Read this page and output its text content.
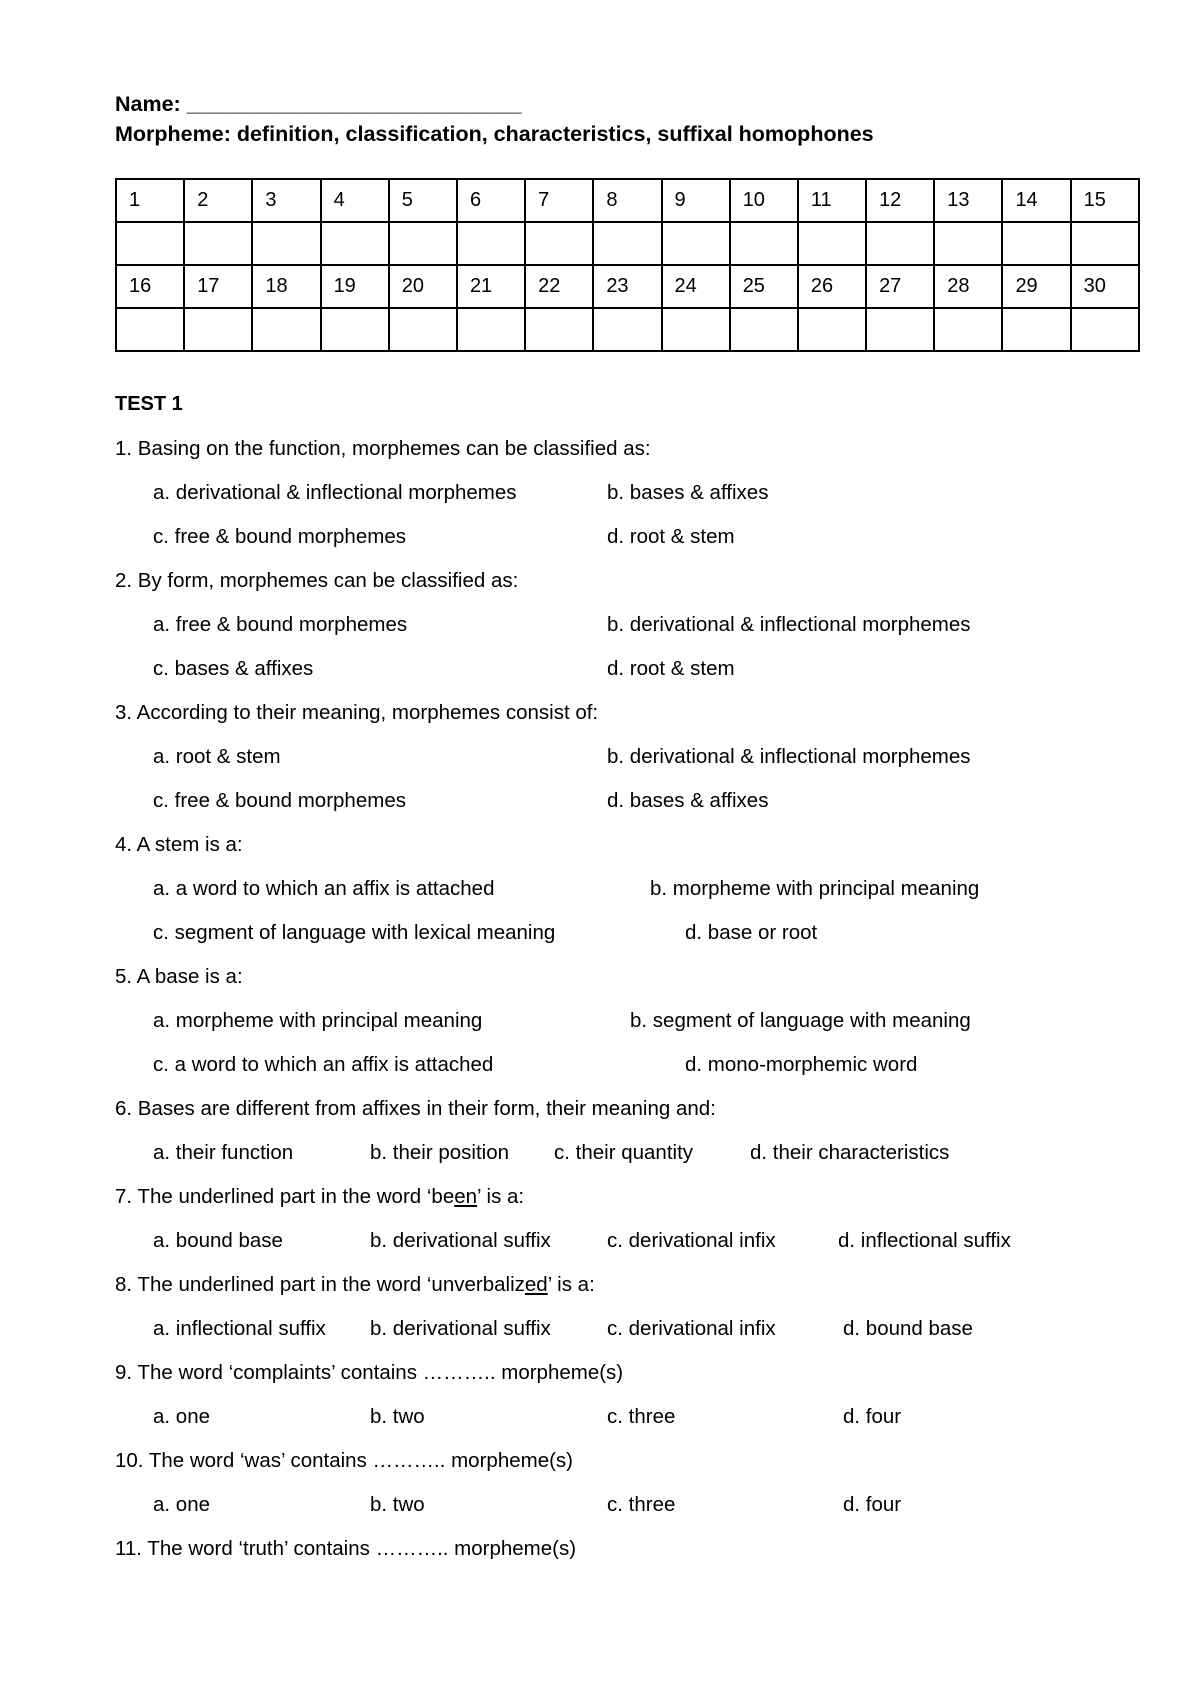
Name: ____________________________
Morpheme: definition, classification, characteristics, suffixal homophones
1	2	3	4	5	6	7	8	9	10	11	12	13	14	15

16	17	18	19	20	21	22	23	24	25	26	27	28	29	30

TEST 1
1. Basing on the function, morphemes can be classified as:
a. derivational & inflectional morphemes	b. bases & affixes
c. free & bound morphemes	d. root & stem
2. By form, morphemes can be classified as:
a. free & bound morphemes	b. derivational & inflectional morphemes
c. bases & affixes	d. root & stem
3. According to their meaning, morphemes consist of:
a. root & stem	b. derivational & inflectional morphemes
c. free & bound morphemes	d. bases & affixes
4. A stem is a:
a. a word to which an affix is attached	b. morpheme with principal meaning
c. segment of language with lexical meaning	d. base or root
5. A base is a:
a. morpheme with principal meaning	b. segment of language with meaning
c. a word to which an affix is attached	d. mono-morphemic word
6. Bases are different from affixes in their form, their meaning and:
a. their function	b. their position c. their quantity	d. their characteristics
7. The underlined part in the word ‘been’ is a:
a. bound base	b. derivational suffix	c. derivational infix	d. inflectional suffix
8. The underlined part in the word ‘unverbalized’ is a:
a. inflectional suffix b. derivational suffix	c. derivational infix	d. bound base
9. The word ‘complaints’ contains ……….. morpheme(s)
a. one	b. two	c. three	d. four
10. The word ‘was’ contains ……….. morpheme(s)
a. one	b. two	c. three	d. four
11. The word ‘truth’ contains ……….. morpheme(s)
